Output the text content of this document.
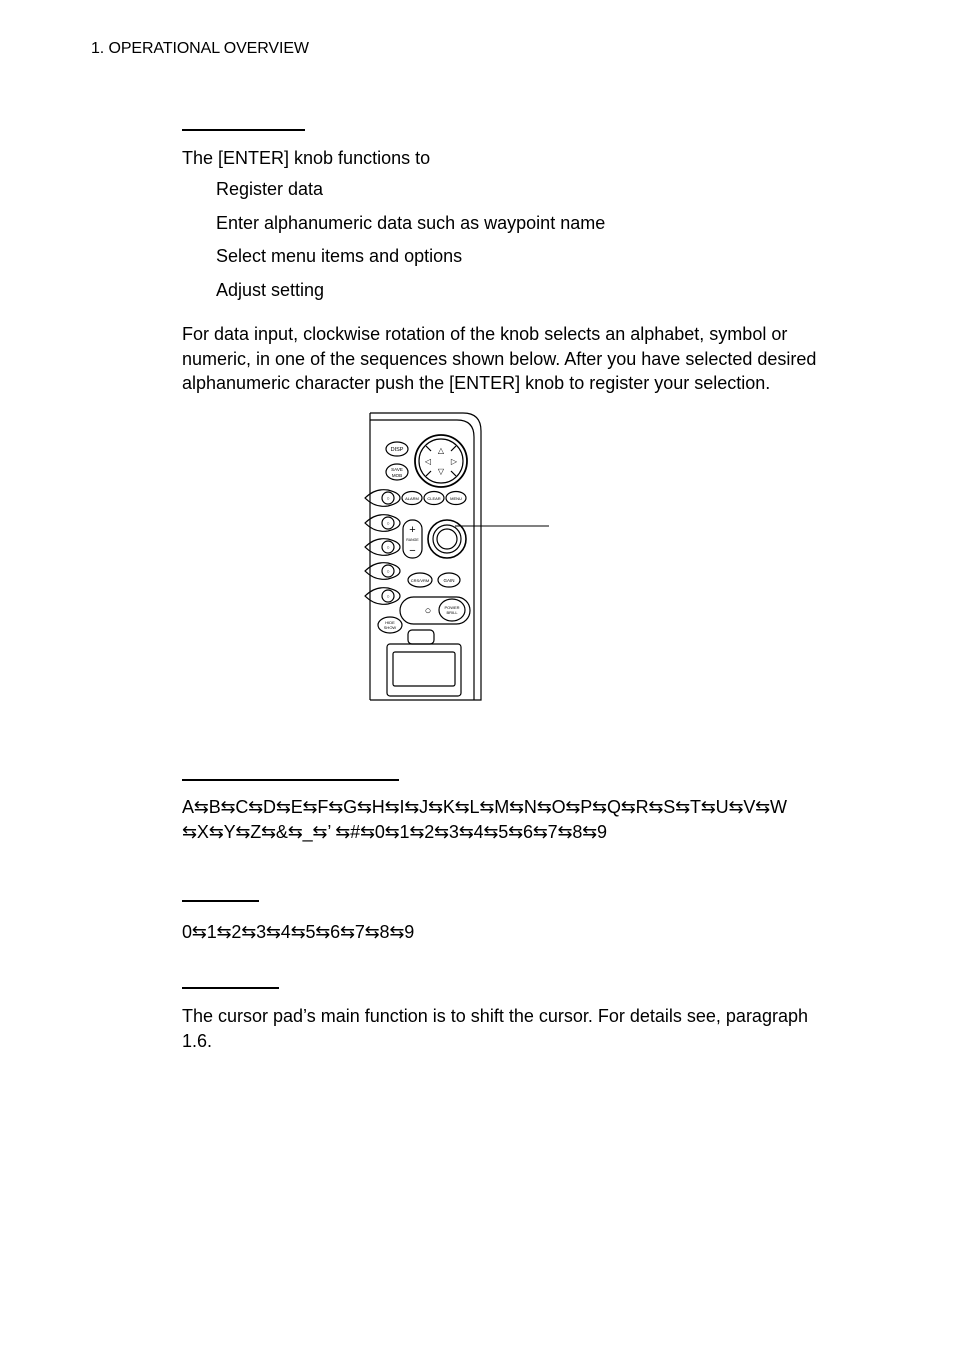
1. OPERATIONAL OVERVIEW
The [ENTER] knob functions to
Register data
Enter alphanumeric data such as waypoint name
Select menu items and options
Adjust setting
For data input, clockwise rotation of the knob selects an alphabet, symbol or
numeric, in one of the sequences shown below. After you have selected desired
alphanumeric character push the [ENTER] knob to register your selection.
DISP
SAVE
MOB
ALARM CLEAR MENU
○
○
○
○
○
+
RANGE
−
CRS/VRM	GAIN
○	POWER
BRILL
HIDE
SHOW
△
▽
◁ ▷
A⇆B⇆C⇆D⇆E⇆F⇆G⇆H⇆I⇆J⇆K⇆L⇆M⇆N⇆O⇆P⇆Q⇆R⇆S⇆T⇆U⇆V⇆W
⇆X⇆Y⇆Z⇆&⇆_⇆’ ⇆#⇆0⇆1⇆2⇆3⇆4⇆5⇆6⇆7⇆8⇆9
0⇆1⇆2⇆3⇆4⇆5⇆6⇆7⇆8⇆9
The cursor pad’s main function is to shift the cursor. For details see, paragraph
1.6.
